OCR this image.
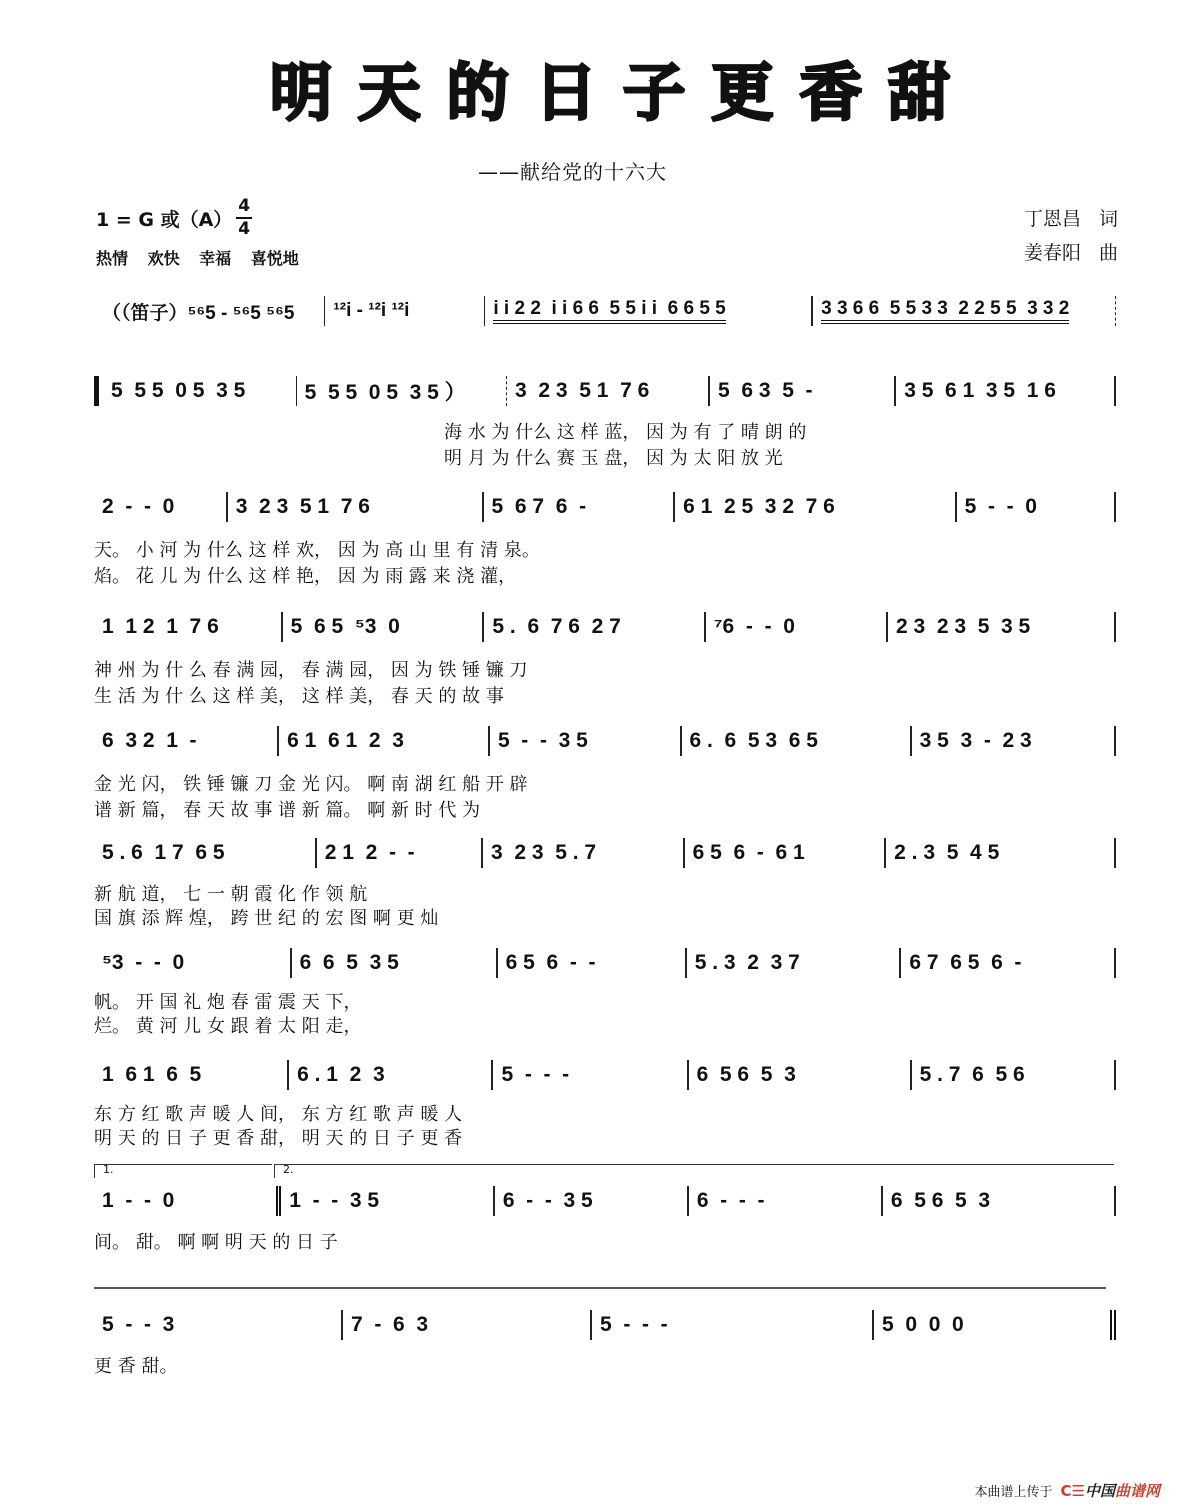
明 天 的 日 子 更 香 甜
——献给党的十六大
1 = G 或$(A) \frac{4}{4}$
热情 欢快 幸福 喜悦地
丁恩昌 词
姜春阳 曲
（（笛子）⁵⁶5 - ⁵⁶5 ⁵⁶5	¹²i - ¹²i ¹²i	i i 2 2  i i 6 6  5 5 i i  6 6 5 5	3 3 6 6  5 5 3 3  2 2 5 5  3 3 2
5  5 5  0 5  3 5	5  5 5  0 5  3 5 ）	3  2 3  5 1  7 6	5  6 3  5  -	3 5  6 1  3 5  1 6
海 水 为 什么 这 样 蓝， 因 为 有 了 晴 朗 的
明 月 为 什么 赛 玉 盘， 因 为 太 阳 放 光
2  -  -  0	3  2 3  5 1  7 6	5  6 7  6  -	6 1  2 5  3 2  7 6	5  -  -  0
天。 小 河 为 什么 这 样 欢， 因 为 高 山 里 有 清 泉。
焰。 花 儿 为 什么 这 样 艳， 因 为 雨 露 来 浇 灌，
1  1 2  1  7 6	5  6 5  ⁵3  0	5 .  6  7 6  2 7	⁷6  -  -  0	2 3  2 3  5  3 5
神 州 为 什 么 春 满 园， 春 满 园， 因 为 铁 锤 镰 刀
生 活 为 什 么 这 样 美， 这 样 美， 春 天 的 故 事
6  3 2  1  -	6 1  6 1  2  3	5  -  -  3 5	6 .  6  5 3  6 5	3 5  3  -  2 3
金 光 闪， 铁 锤 镰 刀 金 光 闪。 啊 南 湖 红 船 开 辟
谱 新 篇， 春 天 故 事 谱 新 篇。 啊 新 时 代 为
5 . 6  1 7  6 5	2 1  2  -  -	3  2 3  5 . 7	6 5  6  -  6 1	2 . 3  5  4 5
新 航 道， 七 一 朝 霞 化 作 领 航
国 旗 添 辉 煌， 跨 世 纪 的 宏 图 啊 更 灿
⁵3  -  -  0	6  6  5  3 5	6 5  6  -  -	5 . 3  2  3 7	6 7  6 5  6  -
帆。 开 国 礼 炮 春 雷 震 天 下，
烂。 黄 河 儿 女 跟 着 太 阳 走，
1  6 1  6  5	6 . 1  2  3	5  -  -  -	6  5 6  5  3	5 . 7  6  5 6
东 方 红 歌 声 暖 人 间， 东 方 红 歌 声 暖 人
明 天 的 日 子 更 香 甜， 明 天 的 日 子 更 香
1.	2.
1  -  -  0	1  -  -  3 5	6  -  -  3 5	6  -  -  -	6  5 6  5  3
间。 甜。 啊 啊 明 天 的 日 子
5  -  -  3	7  -  6  3	5  -  -  -	5  0  0  0
更 香 甜。
本曲谱上传于 C☰ 中国曲谱网
